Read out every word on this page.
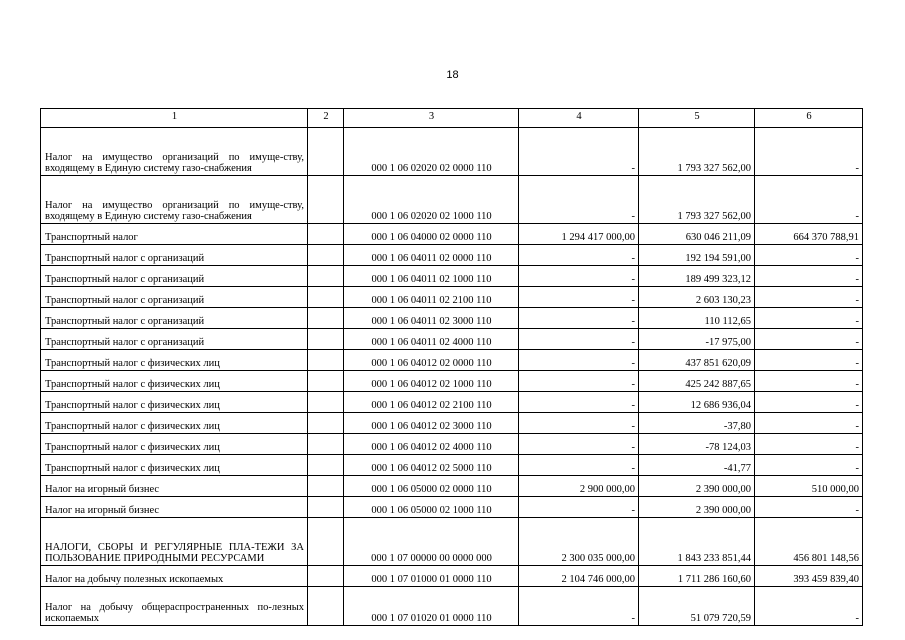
18
1	2	3	4	5	6
Налог на имущество организаций по имуще-ству, входящему в Единую систему газо-снабжения		000 1 06 02020 02 0000 110	-	1 793 327 562,00	-
Налог на имущество организаций по имуще-ству, входящему в Единую систему газо-снабжения		000 1 06 02020 02 1000 110	-	1 793 327 562,00	-
Транспортный налог		000 1 06 04000 02 0000 110	1 294 417 000,00	630 046 211,09	664 370 788,91
Транспортный налог с организаций		000 1 06 04011 02 0000 110	-	192 194 591,00	-
Транспортный налог с организаций		000 1 06 04011 02 1000 110	-	189 499 323,12	-
Транспортный налог с организаций		000 1 06 04011 02 2100 110	-	2 603 130,23	-
Транспортный налог с организаций		000 1 06 04011 02 3000 110	-	110 112,65	-
Транспортный налог с организаций		000 1 06 04011 02 4000 110	-	-17 975,00	-
Транспортный налог с физических лиц		000 1 06 04012 02 0000 110	-	437 851 620,09	-
Транспортный налог с физических лиц		000 1 06 04012 02 1000 110	-	425 242 887,65	-
Транспортный налог с физических лиц		000 1 06 04012 02 2100 110	-	12 686 936,04	-
Транспортный налог с физических лиц		000 1 06 04012 02 3000 110	-	-37,80	-
Транспортный налог с физических лиц		000 1 06 04012 02 4000 110	-	-78 124,03	-
Транспортный налог с физических лиц		000 1 06 04012 02 5000 110	-	-41,77	-
Налог на игорный бизнес		000 1 06 05000 02 0000 110	2 900 000,00	2 390 000,00	510 000,00
Налог на игорный бизнес		000 1 06 05000 02 1000 110	-	2 390 000,00	-
НАЛОГИ, СБОРЫ И РЕГУЛЯРНЫЕ ПЛА-ТЕЖИ ЗА ПОЛЬЗОВАНИЕ ПРИРОДНЫМИ РЕСУРСАМИ		000 1 07 00000 00 0000 000	2 300 035 000,00	1 843 233 851,44	456 801 148,56
Налог на добычу полезных ископаемых		000 1 07 01000 01 0000 110	2 104 746 000,00	1 711 286 160,60	393 459 839,40
Налог на добычу общераспространенных по-лезных ископаемых		000 1 07 01020 01 0000 110	-	51 079 720,59	-
